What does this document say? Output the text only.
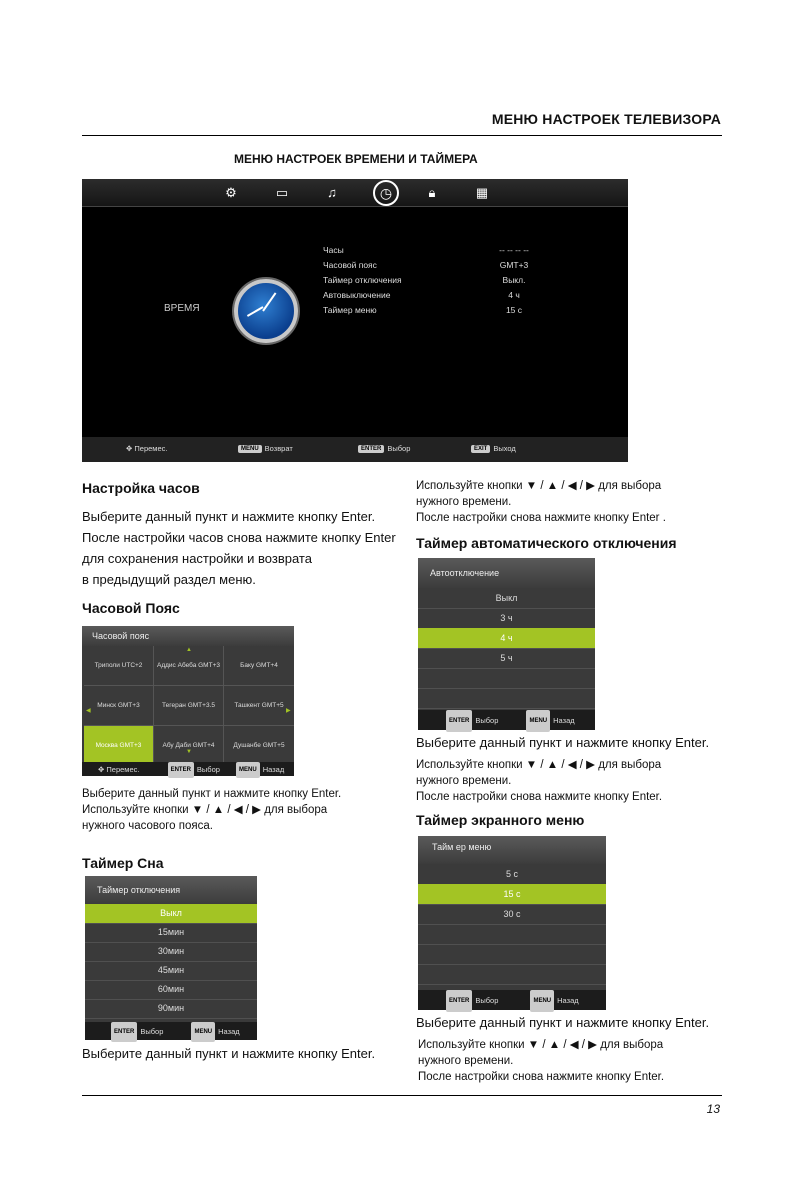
МЕНЮ НАСТРОЕК ТЕЛЕВИЗОРА
МЕНЮ НАСТРОЕК ВРЕМЕНИ И ТАЙМЕРА
⚙	▭	♫	◷	🔒︎	▦
ВРЕМЯ
Часы	-- -- -- --
Часовой пояс	GMT+3
Таймер отключения	Выкл.
Автовыключение	4 ч
Таймер меню	15 с
✥ Перемес.	MENU Возврат	ENTER Выбор	EXIT Выход
Настройка часов
Выберите данный пункт и нажмите кнопку Enter.
После настройки часов снова нажмите кнопку Enter
для сохранения настройки и возврата
в предыдущий раздел меню.
Часовой Пояс
Часовой пояс
Триполи UTC+2	Аддис Абеба GMT+3	Баку GMT+4
Минск GMT+3	Тегеран GMT+3.5	Ташкент GMT+5
Москва GMT+3	Абу Даби GMT+4	Душанбе GMT+5
▲
▼
◀	▶
✥ Перемес.	ENTER Выбор	MENU Назад
Выберите данный пункт и нажмите кнопку Enter.
Используйте кнопки ▼ / ▲ / ◀ / ▶ для выбора
нужного часового пояса.
Таймер Сна
Таймер отключения
Выкл
15мин
30мин
45мин
60мин
90мин
ENTER Выбор	MENU Назад
Выберите данный пункт и нажмите кнопку Enter.
Используйте кнопки ▼ / ▲ / ◀ / ▶ для выбора
нужного времени.
После настройки снова нажмите кнопку Enter .
Таймер автоматического отключения
Автоотключение
Выкл
3 ч
4 ч
5 ч
ENTER Выбор	MENU Назад
Выберите данный пункт и нажмите кнопку Enter.
Используйте кнопки ▼ / ▲ / ◀ / ▶ для выбора
нужного времени.
После настройки снова нажмите кнопку Enter.
Таймер экранного меню
Тайм ер меню
5 с
15 с
30 с
ENTER Выбор	MENU Назад
Выберите данный пункт и нажмите кнопку Enter.
Используйте кнопки ▼ / ▲ / ◀ / ▶ для выбора
нужного времени.
После настройки снова нажмите кнопку Enter.
13
